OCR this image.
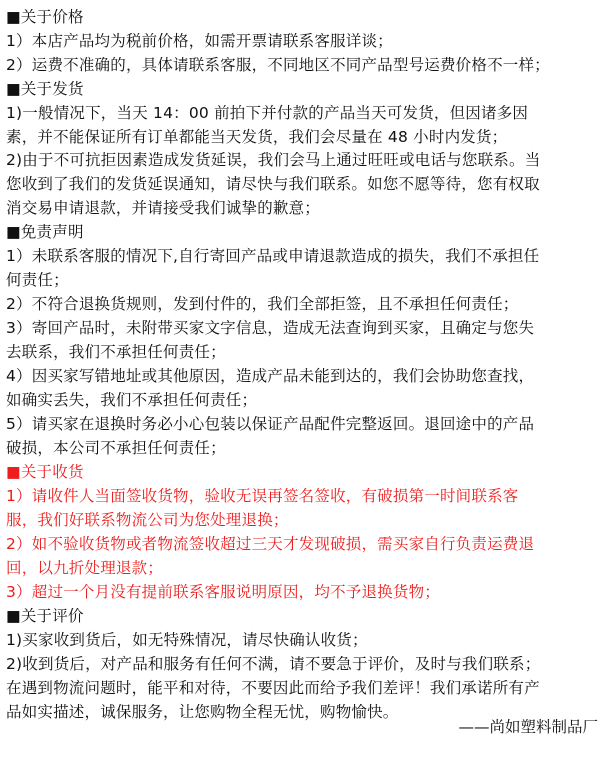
■关于价格
1）本店产品均为税前价格，如需开票请联系客服详谈；
2）运费不准确的，具体请联系客服，不同地区不同产品型号运费价格不一样；
■关于发货
1)一般情况下，当天 14：00 前拍下并付款的产品当天可发货，但因诸多因
素，并不能保证所有订单都能当天发货，我们会尽量在 48 小时内发货；
2)由于不可抗拒因素造成发货延误，我们会马上通过旺旺或电话与您联系。当
您收到了我们的发货延误通知，请尽快与我们联系。如您不愿等待，您有权取
消交易申请退款，并请接受我们诚挚的歉意；
■免责声明
1）未联系客服的情况下,自行寄回产品或申请退款造成的损失，我们不承担任
何责任；
2）不符合退换货规则，发到付件的，我们全部拒签，且不承担任何责任；
3）寄回产品时，未附带买家文字信息，造成无法查询到买家，且确定与您失
去联系，我们不承担任何责任；
4）因买家写错地址或其他原因，造成产品未能到达的，我们会协助您查找，
如确实丢失，我们不承担任何责任；
5）请买家在退换时务必小心包装以保证产品配件完整返回。退回途中的产品
破损，本公司不承担任何责任；
■关于收货
1）请收件人当面签收货物，验收无误再签名签收，有破损第一时间联系客
服，我们好联系物流公司为您处理退换；
2）如不验收货物或者物流签收超过三天才发现破损，需买家自行负责运费退
回，以九折处理退款；
3）超过一个月没有提前联系客服说明原因，均不予退换货物；
■关于评价
1)买家收到货后，如无特殊情况，请尽快确认收货；
2)收到货后，对产品和服务有任何不满，请不要急于评价，及时与我们联系；
在遇到物流问题时，能平和对待，不要因此而给予我们差评！我们承诺所有产
品如实描述，诚保服务，让您购物全程无忧，购物愉快。
——尚如塑料制品厂
